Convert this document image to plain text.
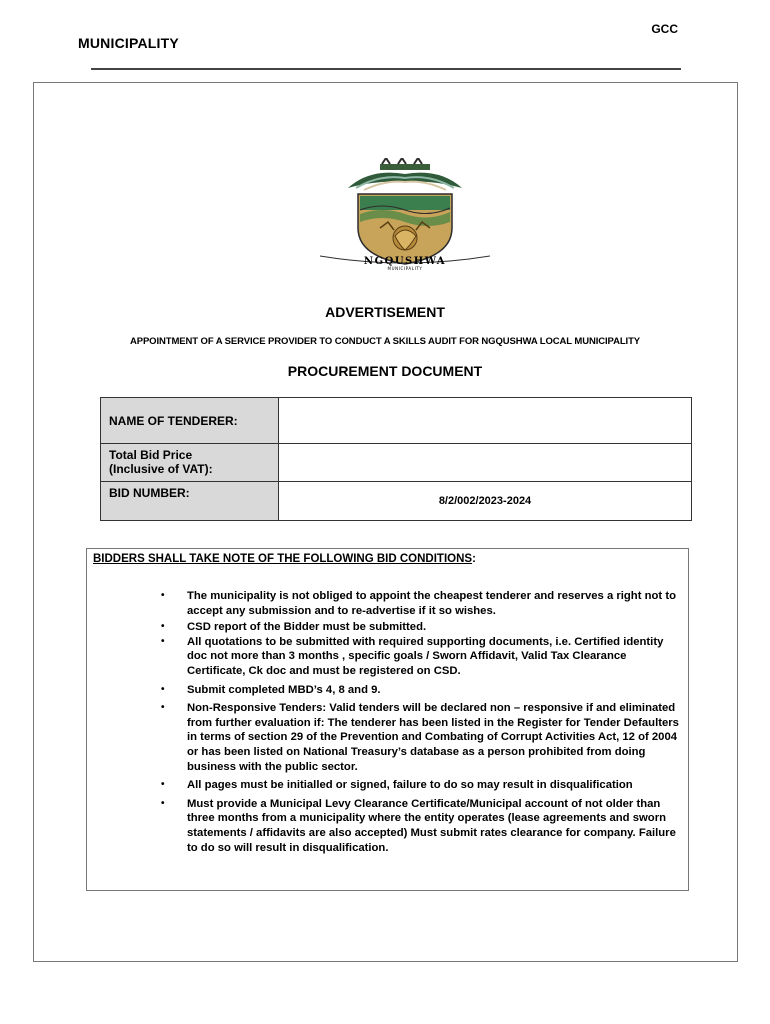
GCC
MUNICIPALITY
NGQUSHWA
MUNICIPALITY
ADVERTISEMENT
APPOINTMENT OF A SERVICE PROVIDER TO CONDUCT A SKILLS AUDIT FOR NGQUSHWA LOCAL MUNICIPALITY
PROCUREMENT DOCUMENT
NAME OF TENDERER:
Total Bid Price
(Inclusive of VAT):
BID NUMBER:
8/2/002/2023-2024
BIDDERS SHALL TAKE NOTE OF THE FOLLOWING BID CONDITIONS:
• The municipality is not obliged to appoint the cheapest tenderer and reserves a right not to accept any submission and to re-advertise if it so wishes.
• CSD report of the Bidder must be submitted.
• All quotations to be submitted with required supporting documents, i.e. Certified identity doc not more than 3 months , specific goals / Sworn Affidavit, Valid Tax Clearance Certificate, Ck doc and must be registered on CSD.
• Submit completed MBD’s 4, 8 and 9.
• Non-Responsive Tenders: Valid tenders will be declared non – responsive if and eliminated from further evaluation if: The tenderer has been listed in the Register for Tender Defaulters in terms of section 29 of the Prevention and Combating of Corrupt Activities Act, 12 of 2004 or has been listed on National Treasury’s database as a person prohibited from doing business with the public sector.
• All pages must be initialled or signed, failure to do so may result in disqualification
• Must provide a Municipal Levy Clearance Certificate/Municipal account of not older than three months from a municipality where the entity operates (lease agreements and sworn statements / affidavits are also accepted) Must submit rates clearance for company. Failure to do so will result in disqualification.
